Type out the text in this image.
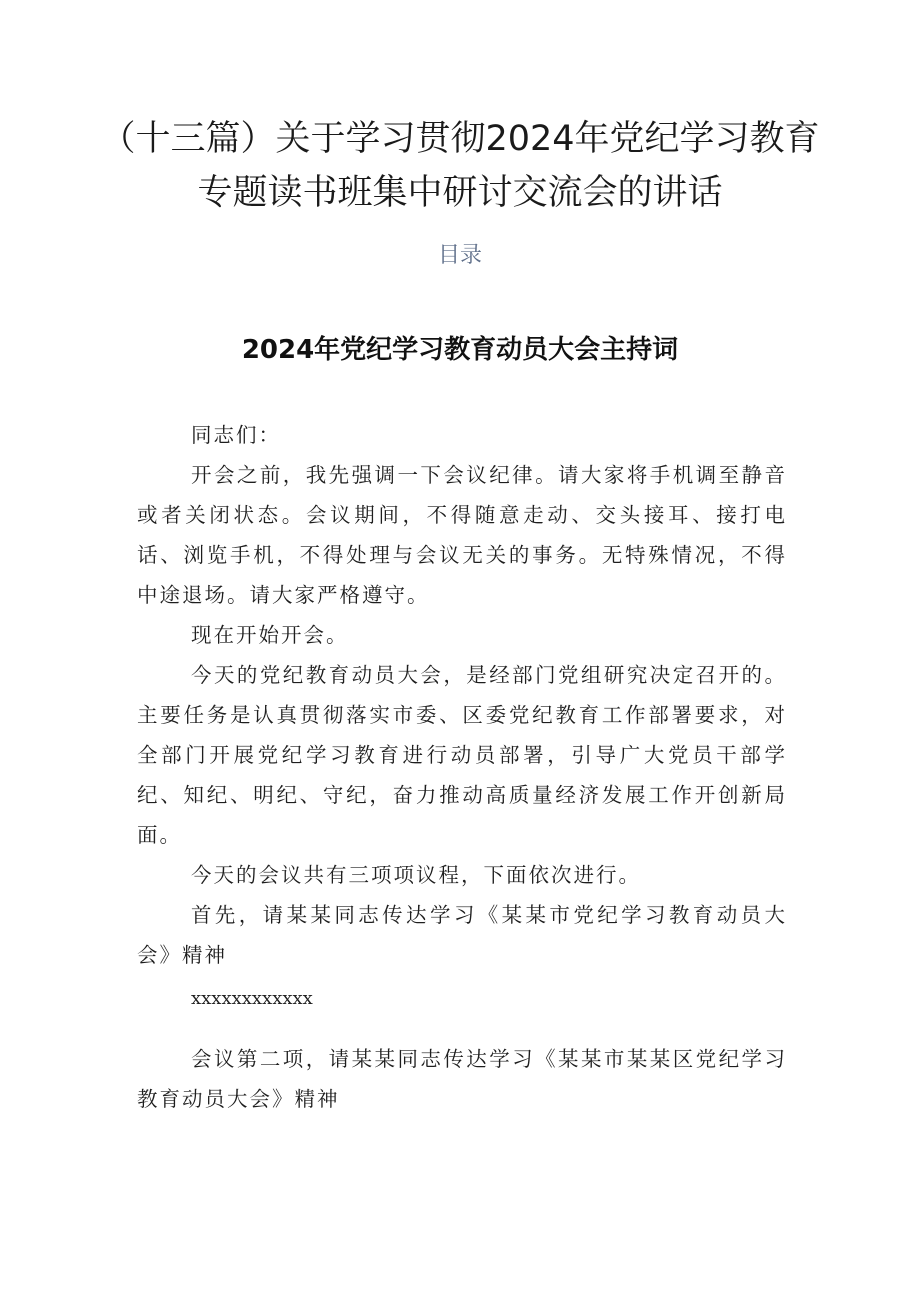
（十三篇）关于学习贯彻2024年党纪学习教育专题读书班集中研讨交流会的讲话
目录
2024年党纪学习教育动员大会主持词

同志们：

开会之前，我先强调一下会议纪律。请大家将手机调至静音或者关闭状态。会议期间，不得随意走动、交头接耳、接打电话、浏览手机，不得处理与会议无关的事务。无特殊情况，不得中途退场。请大家严格遵守。

现在开始开会。

今天的党纪教育动员大会，是经部门党组研究决定召开的。主要任务是认真贯彻落实市委、区委党纪教育工作部署要求，对全部门开展党纪学习教育进行动员部署，引导广大党员干部学纪、知纪、明纪、守纪，奋力推动高质量经济发展工作开创新局面。

今天的会议共有三项项议程，下面依次进行。

首先，请某某同志传达学习《某某市党纪学习教育动员大会》精神

xxxxxxxxxxxx

会议第二项，请某某同志传达学习《某某市某某区党纪学习教育动员大会》精神
